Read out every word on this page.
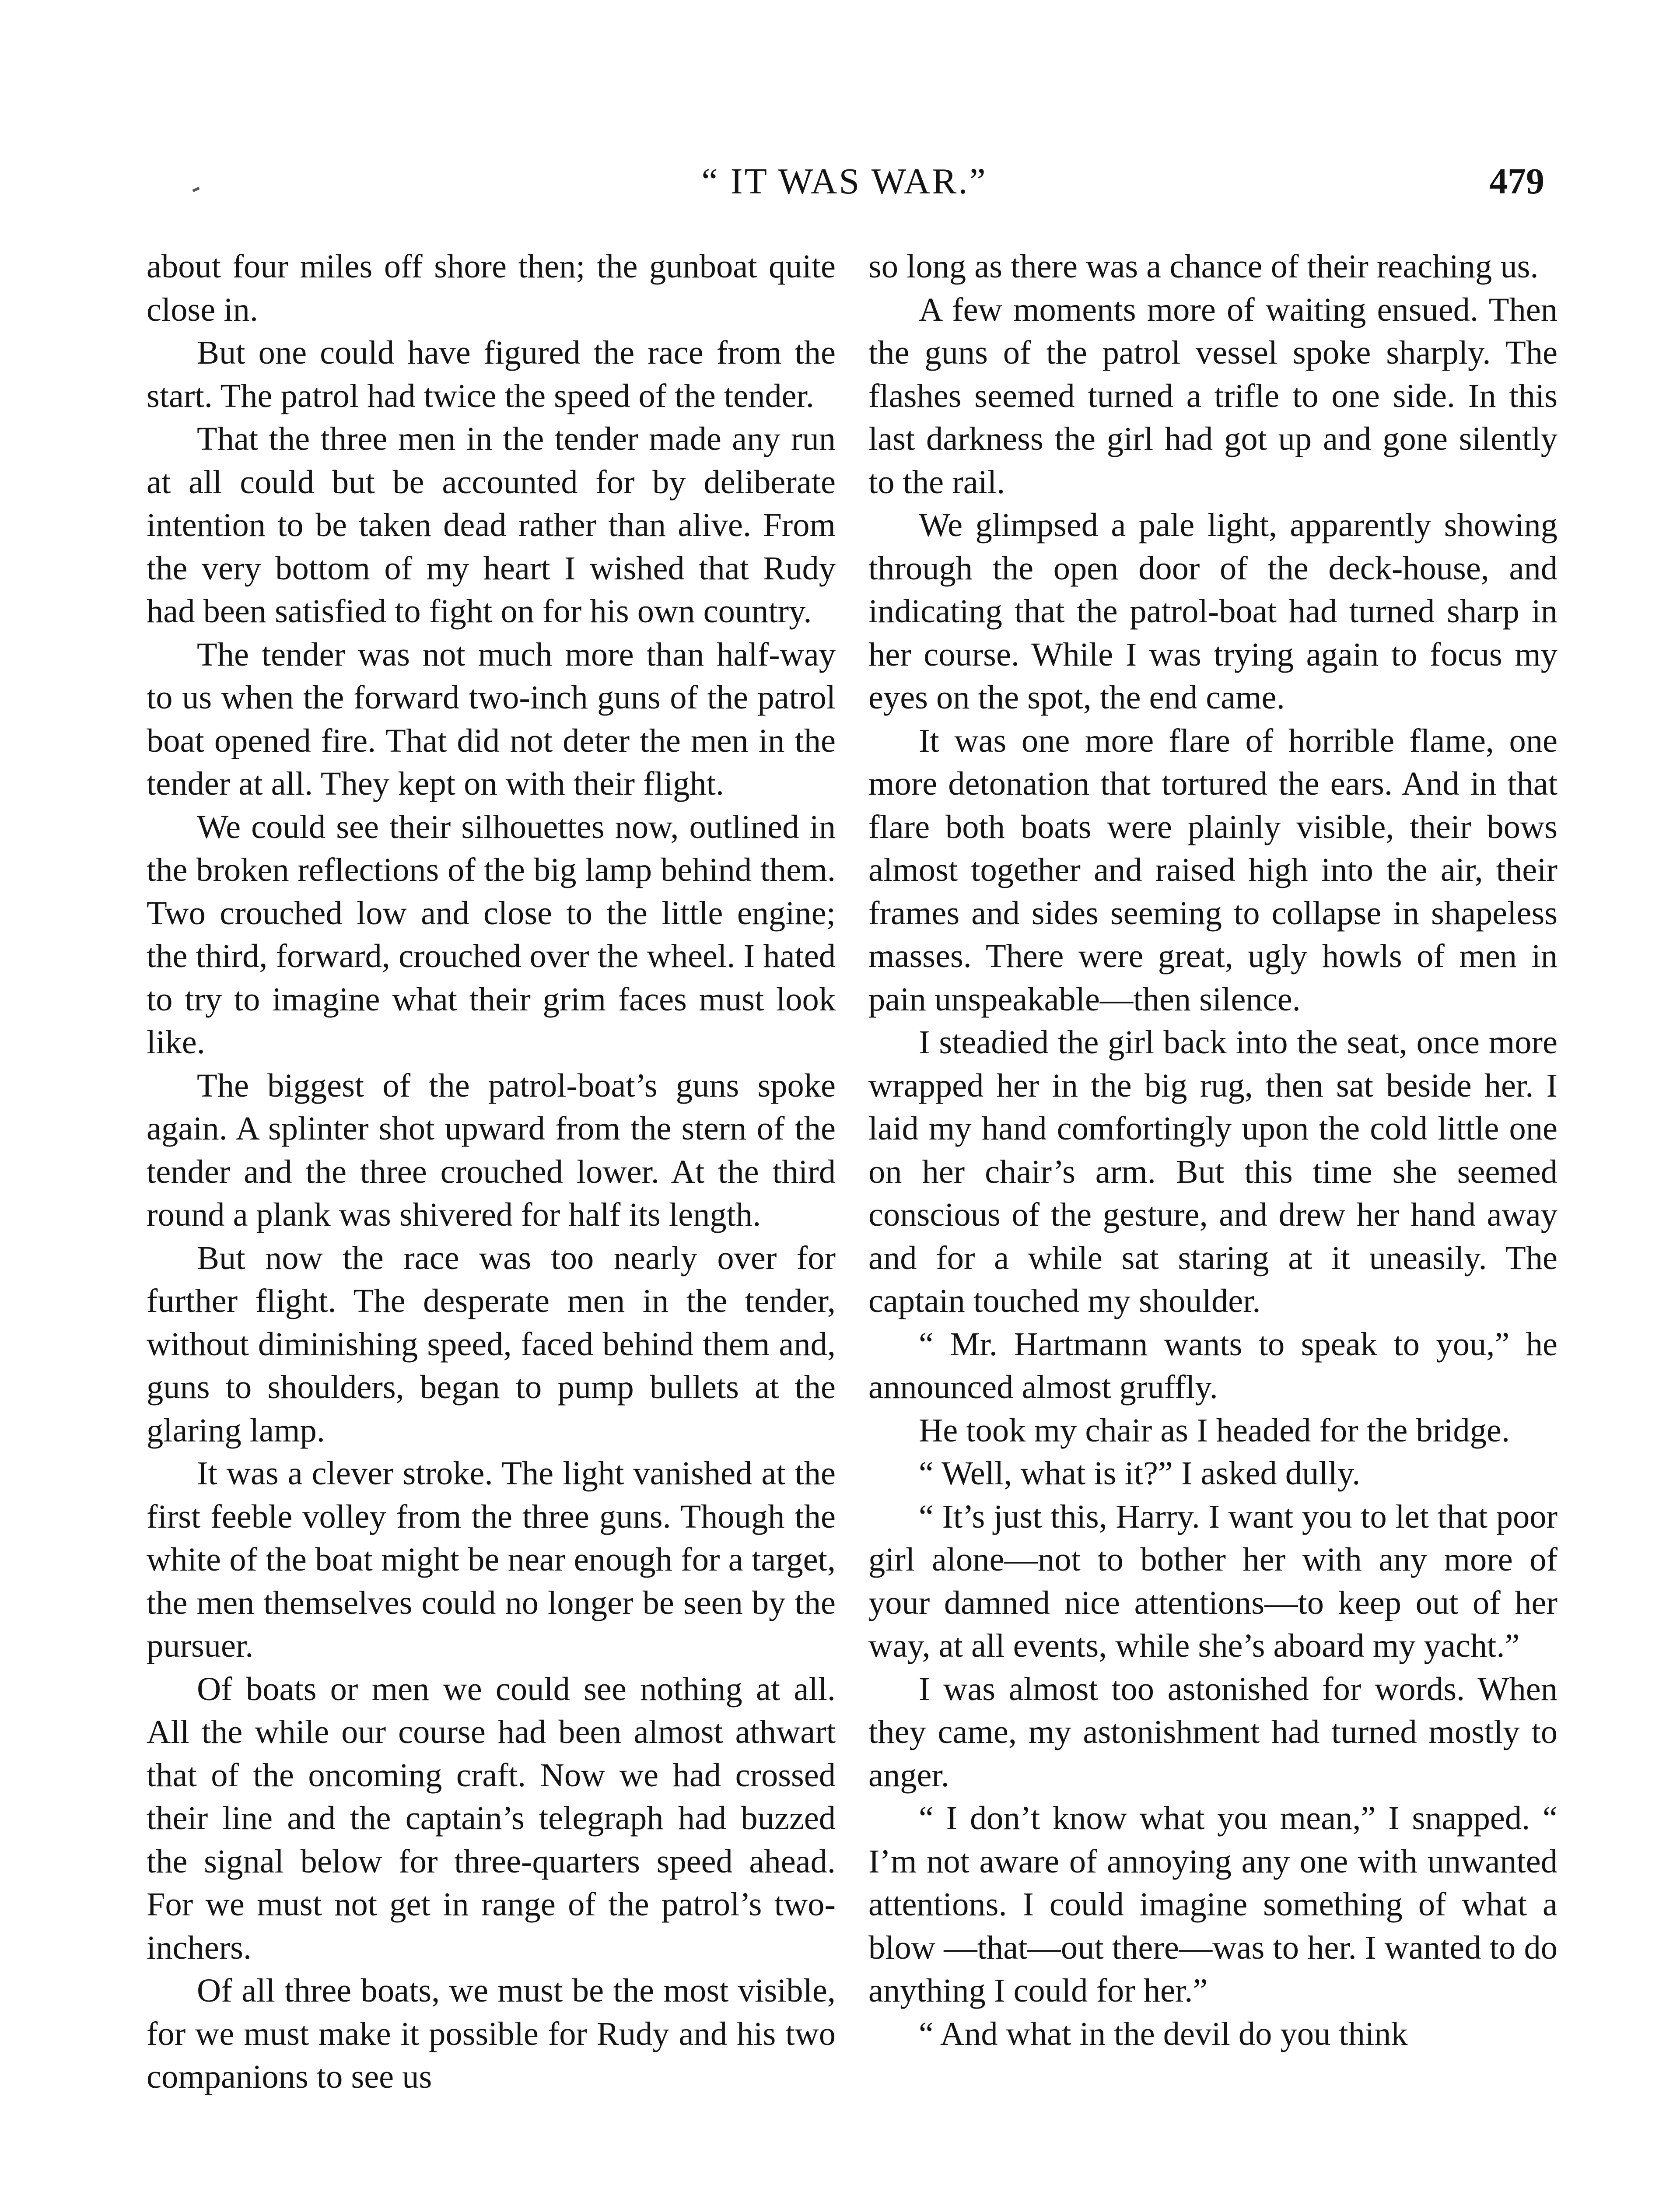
“ IT WAS WAR.”	479

about four miles off shore then; the gunboat quite close in.

But one could have figured the race from the start. The patrol had twice the speed of the tender.

That the three men in the tender made any run at all could but be accounted for by deliberate intention to be taken dead rather than alive. From the very bottom of my heart I wished that Rudy had been satisfied to fight on for his own country.

The tender was not much more than half-way to us when the forward two-inch guns of the patrol boat opened fire. That did not deter the men in the tender at all. They kept on with their flight.

We could see their silhouettes now, outlined in the broken reflections of the big lamp behind them. Two crouched low and close to the little engine; the third, forward, crouched over the wheel. I hated to try to imagine what their grim faces must look like.

The biggest of the patrol-boat’s guns spoke again. A splinter shot upward from the stern of the tender and the three crouched lower. At the third round a plank was shivered for half its length.

But now the race was too nearly over for further flight. The desperate men in the tender, without diminishing speed, faced behind them and, guns to shoulders, began to pump bullets at the glaring lamp.

It was a clever stroke. The light vanished at the first feeble volley from the three guns. Though the white of the boat might be near enough for a target, the men themselves could no longer be seen by the pursuer.

Of boats or men we could see nothing at all. All the while our course had been almost athwart that of the oncoming craft. Now we had crossed their line and the captain’s telegraph had buzzed the signal below for three-quarters speed ahead. For we must not get in range of the patrol’s two-inchers.

Of all three boats, we must be the most visible, for we must make it possible for Rudy and his two companions to see us

so long as there was a chance of their reaching us.

A few moments more of waiting ensued. Then the guns of the patrol vessel spoke sharply. The flashes seemed turned a trifle to one side. In this last darkness the girl had got up and gone silently to the rail.

We glimpsed a pale light, apparently showing through the open door of the deck-house, and indicating that the patrol-boat had turned sharp in her course. While I was trying again to focus my eyes on the spot, the end came.

It was one more flare of horrible flame, one more detonation that tortured the ears. And in that flare both boats were plainly visible, their bows almost together and raised high into the air, their frames and sides seeming to collapse in shapeless masses. There were great, ugly howls of men in pain unspeakable—then silence.

I steadied the girl back into the seat, once more wrapped her in the big rug, then sat beside her. I laid my hand comfortingly upon the cold little one on her chair’s arm. But this time she seemed conscious of the gesture, and drew her hand away and for a while sat staring at it uneasily. The captain touched my shoulder.

“ Mr. Hartmann wants to speak to you,” he announced almost gruffly.

He took my chair as I headed for the bridge.

“ Well, what is it?” I asked dully.

“ It’s just this, Harry. I want you to let that poor girl alone—not to bother her with any more of your damned nice attentions—to keep out of her way, at all events, while she’s aboard my yacht.”

I was almost too astonished for words. When they came, my astonishment had turned mostly to anger.

“ I don’t know what you mean,” I snapped. “ I’m not aware of annoying any one with unwanted attentions. I could imagine something of what a blow —that—out there—was to her. I wanted to do anything I could for her.”

“ And what in the devil do you think
